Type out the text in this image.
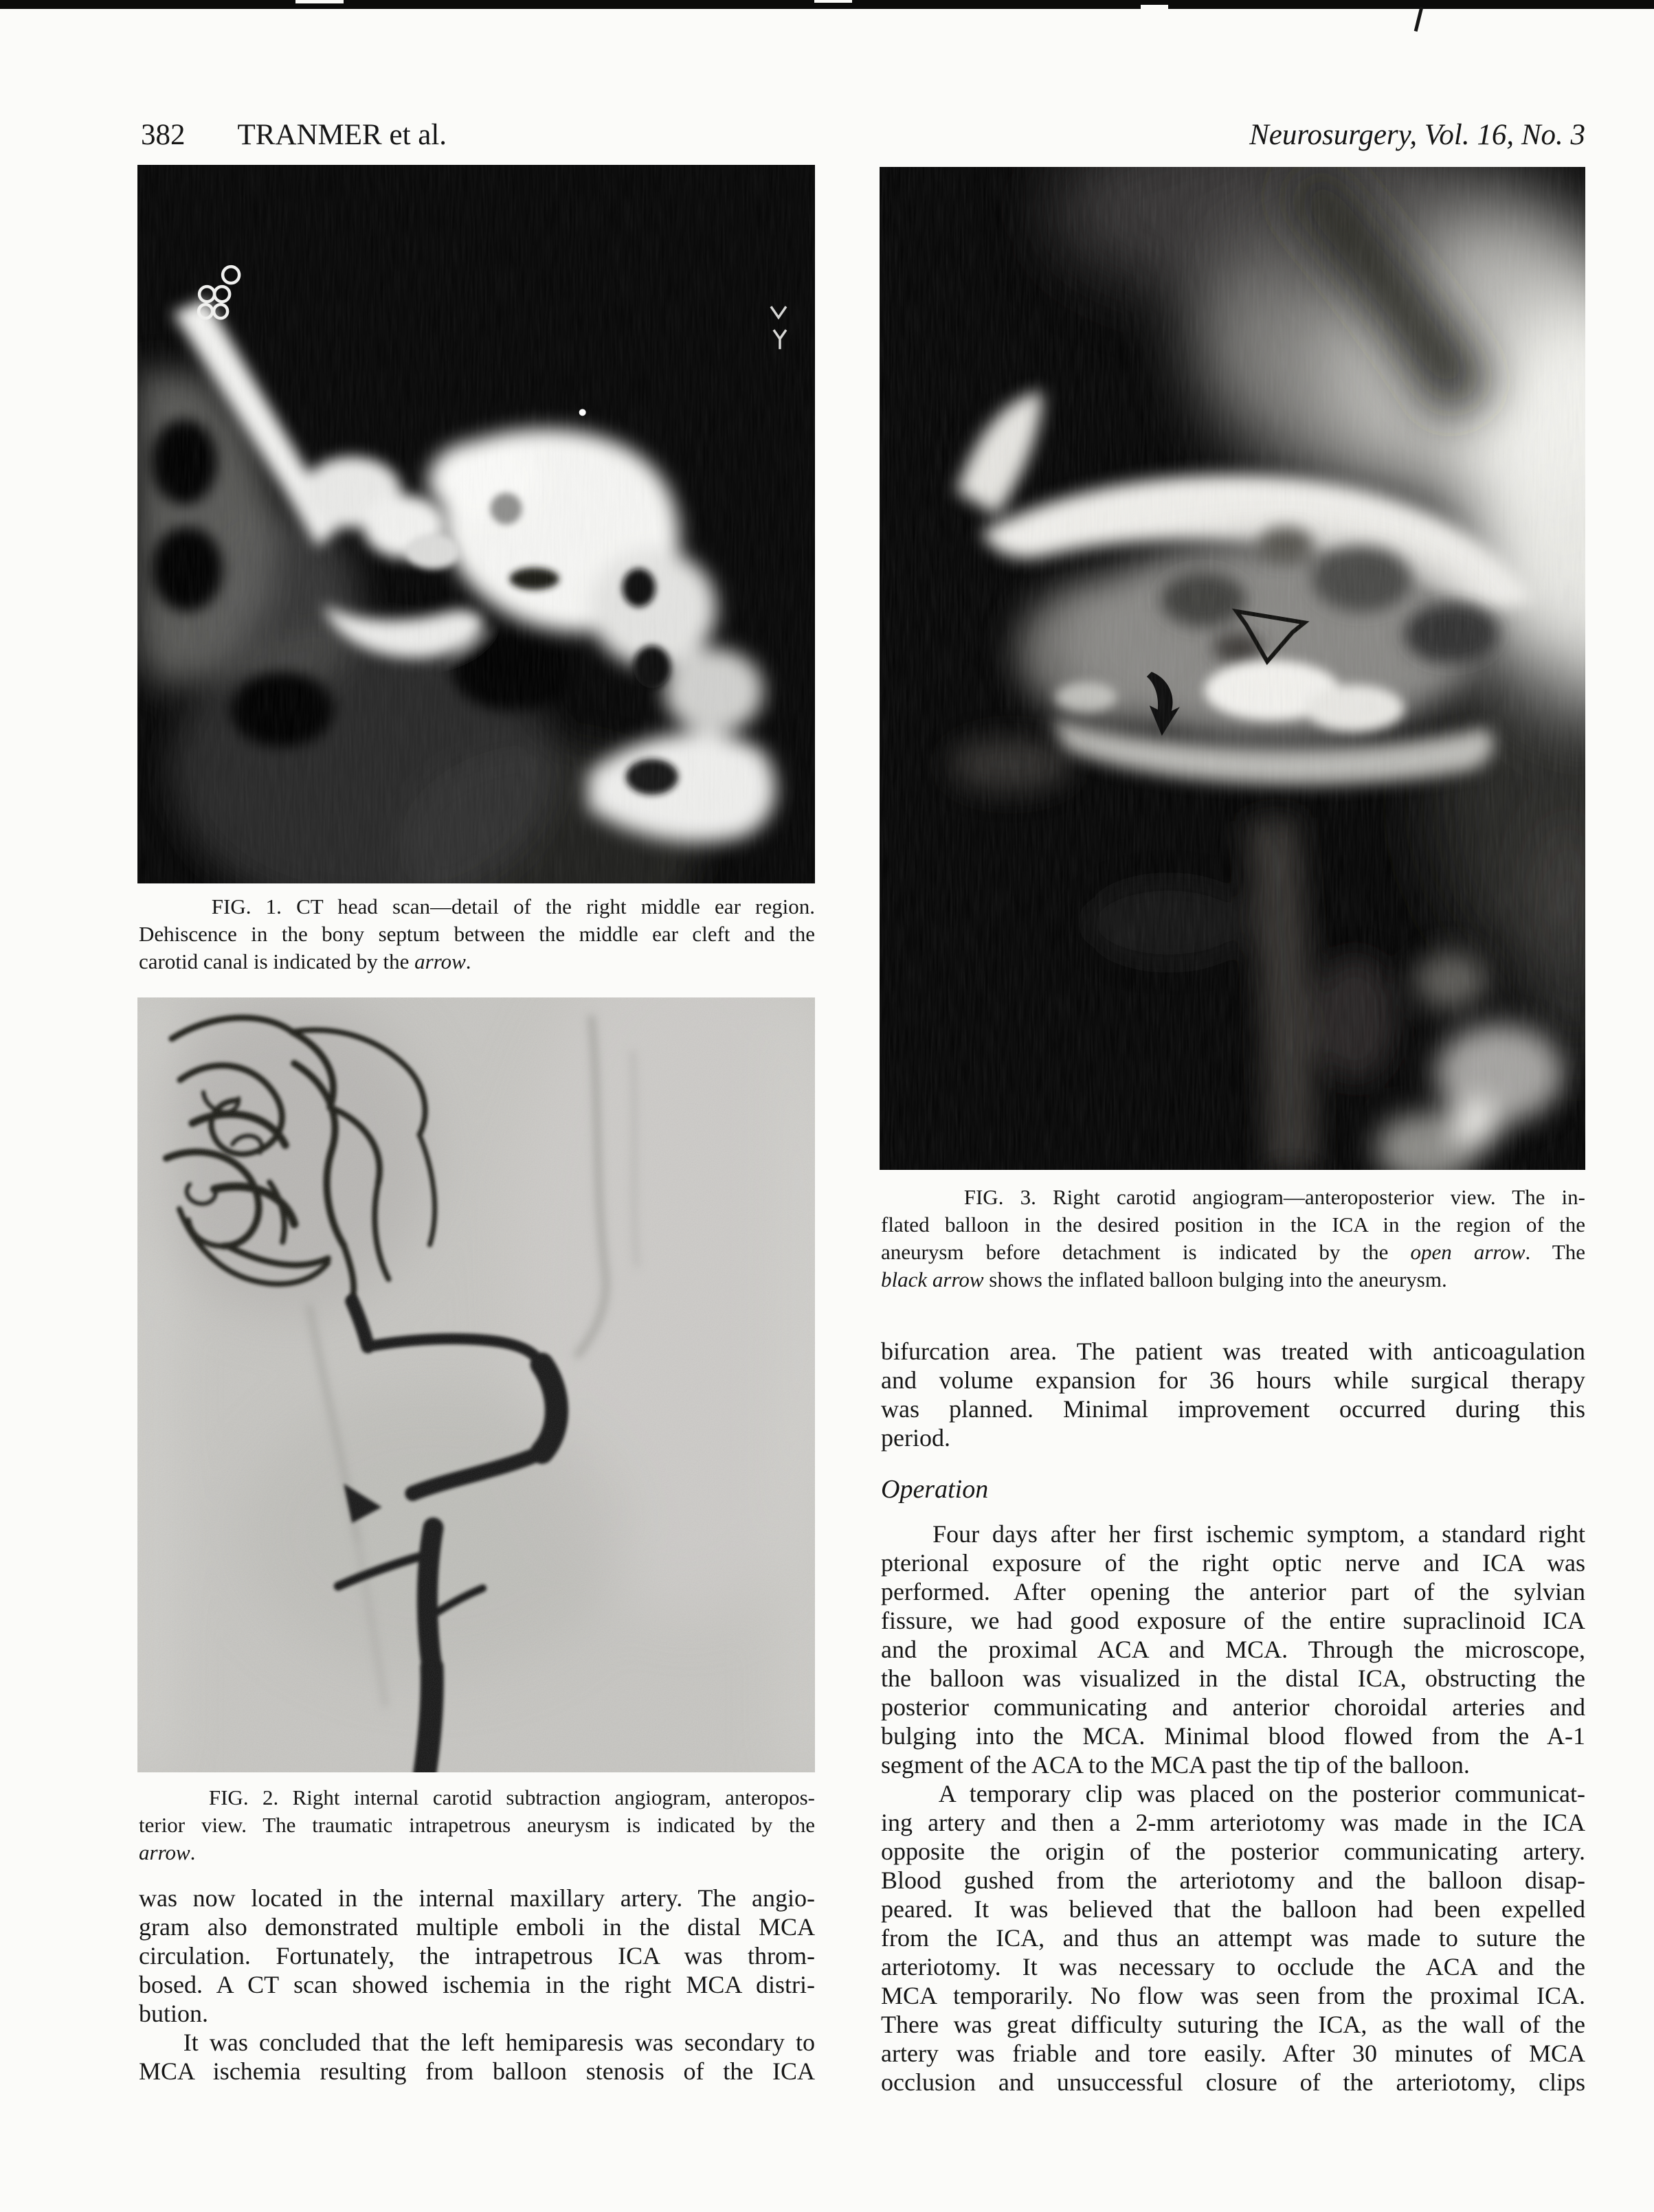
382 TRANMER et al.	Neurosurgery, Vol. 16, No. 3
FIG. 1. CT head scan—detail of the right middle ear region.
Dehiscence in the bony septum between the middle ear cleft and the
carotid canal is indicated by the arrow.
FIG. 2. Right internal carotid subtraction angiogram, anteropos-
terior view. The traumatic intrapetrous aneurysm is indicated by the
arrow.
FIG. 3. Right carotid angiogram—anteroposterior view. The in-
flated balloon in the desired position in the ICA in the region of the
aneurysm before detachment is indicated by the open arrow. The
black arrow shows the inflated balloon bulging into the aneurysm.
was now located in the internal maxillary artery. The angio-
gram also demonstrated multiple emboli in the distal MCA
circulation. Fortunately, the intrapetrous ICA was throm-
bosed. A CT scan showed ischemia in the right MCA distri-
bution.
It was concluded that the left hemiparesis was secondary to
MCA ischemia resulting from balloon stenosis of the ICA
bifurcation area. The patient was treated with anticoagulation
and volume expansion for 36 hours while surgical therapy
was planned. Minimal improvement occurred during this
period.
Operation
Four days after her first ischemic symptom, a standard right
pterional exposure of the right optic nerve and ICA was
performed. After opening the anterior part of the sylvian
fissure, we had good exposure of the entire supraclinoid ICA
and the proximal ACA and MCA. Through the microscope,
the balloon was visualized in the distal ICA, obstructing the
posterior communicating and anterior choroidal arteries and
bulging into the MCA. Minimal blood flowed from the A-1
segment of the ACA to the MCA past the tip of the balloon.
A temporary clip was placed on the posterior communicat-
ing artery and then a 2-mm arteriotomy was made in the ICA
opposite the origin of the posterior communicating artery.
Blood gushed from the arteriotomy and the balloon disap-
peared. It was believed that the balloon had been expelled
from the ICA, and thus an attempt was made to suture the
arteriotomy. It was necessary to occlude the ACA and the
MCA temporarily. No flow was seen from the proximal ICA.
There was great difficulty suturing the ICA, as the wall of the
artery was friable and tore easily. After 30 minutes of MCA
occlusion and unsuccessful closure of the arteriotomy, clips
